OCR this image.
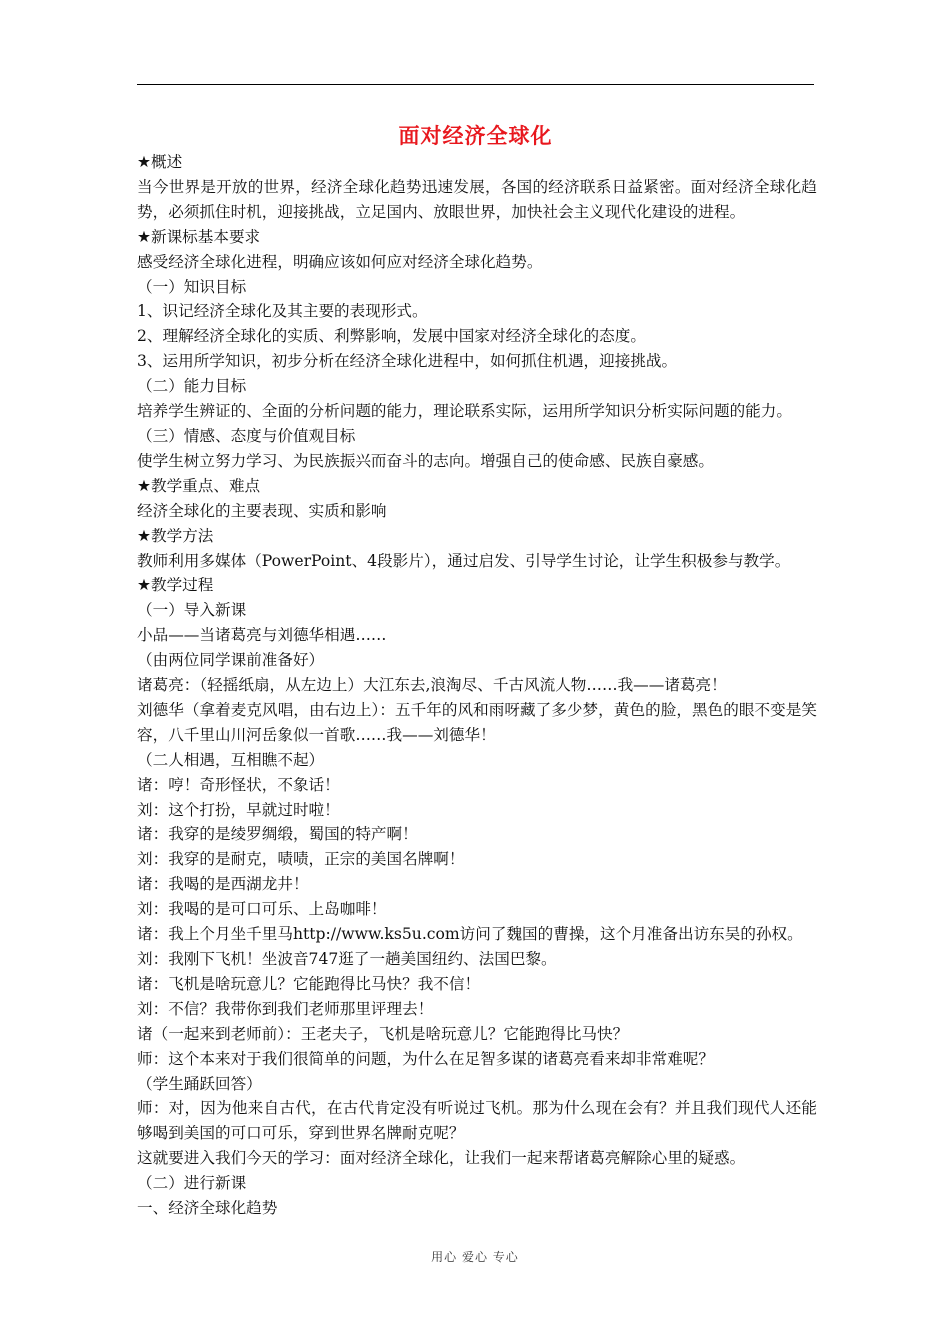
面对经济全球化
★概述
当今世界是开放的世界，经济全球化趋势迅速发展，各国的经济联系日益紧密。面对经济全球化趋势，必须抓住时机，迎接挑战，立足国内、放眼世界，加快社会主义现代化建设的进程。
★新课标基本要求
感受经济全球化进程，明确应该如何应对经济全球化趋势。
（一）知识目标
1、识记经济全球化及其主要的表现形式。
2、理解经济全球化的实质、利弊影响，发展中国家对经济全球化的态度。
3、运用所学知识，初步分析在经济全球化进程中，如何抓住机遇，迎接挑战。
（二）能力目标
培养学生辨证的、全面的分析问题的能力，理论联系实际，运用所学知识分析实际问题的能力。
（三）情感、态度与价值观目标
使学生树立努力学习、为民族振兴而奋斗的志向。增强自己的使命感、民族自豪感。
★教学重点、难点
经济全球化的主要表现、实质和影响
★教学方法
教师利用多媒体（PowerPoint、4段影片），通过启发、引导学生讨论，让学生积极参与教学。
★教学过程
（一）导入新课
小品——当诸葛亮与刘德华相遇……
（由两位同学课前准备好）
诸葛亮：（轻摇纸扇，从左边上）大江东去,浪淘尽、千古风流人物……我——诸葛亮！
刘德华（拿着麦克风唱，由右边上）：五千年的风和雨呀藏了多少梦，黄色的脸，黑色的眼不变是笑容，八千里山川河岳象似一首歌……我——刘德华！
（二人相遇，互相瞧不起）
诸：哼！奇形怪状，不象话！
刘：这个打扮，早就过时啦！
诸：我穿的是绫罗绸缎，蜀国的特产啊！
刘：我穿的是耐克，啧啧，正宗的美国名牌啊！
诸：我喝的是西湖龙井！
刘：我喝的是可口可乐、上岛咖啡！
诸：我上个月坐千里马http://www.ks5u.com访问了魏国的曹操，这个月准备出访东吴的孙权。
刘：我刚下飞机！坐波音747逛了一趟美国纽约、法国巴黎。
诸：飞机是啥玩意儿？它能跑得比马快？我不信！
刘：不信？我带你到我们老师那里评理去！
诸（一起来到老师前）：王老夫子，飞机是啥玩意儿？它能跑得比马快？
师：这个本来对于我们很简单的问题，为什么在足智多谋的诸葛亮看来却非常难呢？
（学生踊跃回答）
师：对，因为他来自古代，在古代肯定没有听说过飞机。那为什么现在会有？并且我们现代人还能够喝到美国的可口可乐，穿到世界名牌耐克呢？
这就要进入我们今天的学习：面对经济全球化，让我们一起来帮诸葛亮解除心里的疑惑。
（二）进行新课
一、经济全球化趋势
用心 爱心 专心
